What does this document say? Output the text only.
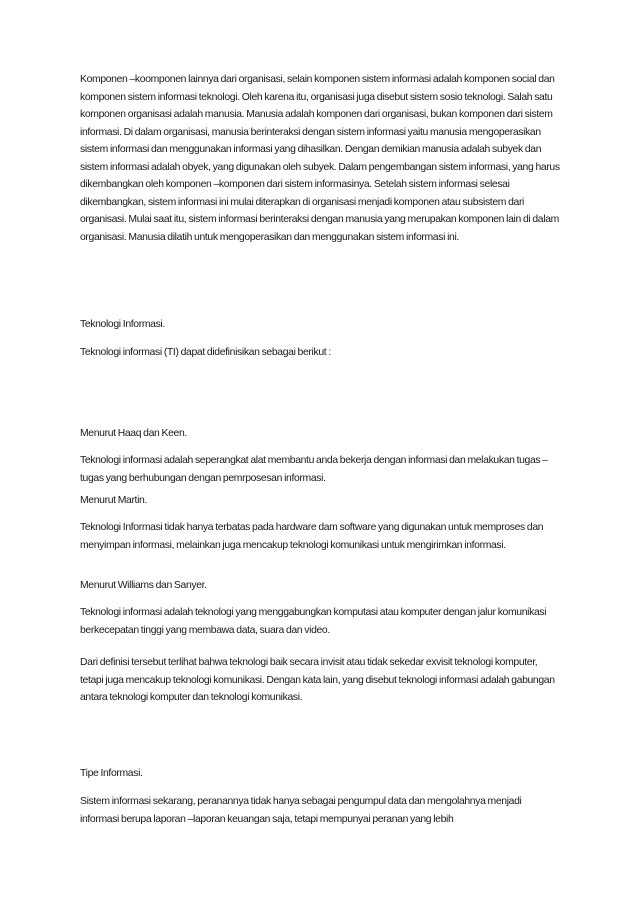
Komponen –koomponen lainnya dari organisasi, selain komponen sistem informasi adalah komponen social dan komponen sistem informasi teknologi. Oleh karena itu, organisasi juga disebut sistem sosio teknologi. Salah satu komponen organisasi adalah manusia. Manusia adalah komponen dari organisasi, bukan komponen dari sistem informasi. Di dalam organisasi, manusia berinteraksi dengan sistem informasi yaitu manusia mengoperasikan sistem informasi dan menggunakan informasi yang dihasilkan. Dengan demikian manusia adalah subyek dan sistem informasi adalah obyek, yang digunakan oleh subyek. Dalam pengembangan sistem informasi, yang harus dikembangkan oleh komponen –komponen dari sistem informasinya. Setelah sistem informasi selesai dikembangkan, sistem informasi ini mulai diterapkan di organisasi menjadi komponen atau subsistem dari organisasi. Mulai saat itu, sistem informasi berinteraksi dengan manusia yang merupakan komponen lain di dalam organisasi. Manusia dilatih untuk mengoperasikan dan menggunakan sistem informasi ini.

Teknologi Informasi.

Teknologi informasi (TI) dapat didefinisikan sebagai berikut :

Menurut Haaq dan Keen.

Teknologi informasi adalah seperangkat alat membantu anda bekerja dengan informasi dan melakukan tugas – tugas yang berhubungan dengan pemrposesan informasi.

Menurut Martin.

Teknologi Informasi tidak hanya terbatas pada hardware dam software yang digunakan untuk memproses dan menyimpan informasi, melainkan juga mencakup teknologi komunikasi untuk mengirimkan informasi.

Menurut Williams dan Sanyer.

Teknologi informasi adalah teknologi yang menggabungkan komputasi atau komputer dengan jalur komunikasi berkecepatan tinggi yang membawa data, suara dan video.

Dari definisi tersebut terlihat bahwa teknologi baik secara invisit atau tidak sekedar exvisit teknologi komputer, tetapi juga mencakup teknologi komunikasi. Dengan kata lain, yang disebut teknologi informasi adalah gabungan antara teknologi komputer dan teknologi komunikasi.

Tipe Informasi.

Sistem informasi sekarang, peranannya tidak hanya sebagai pengumpul data dan mengolahnya menjadi informasi berupa laporan –laporan keuangan saja, tetapi mempunyai peranan yang lebih
